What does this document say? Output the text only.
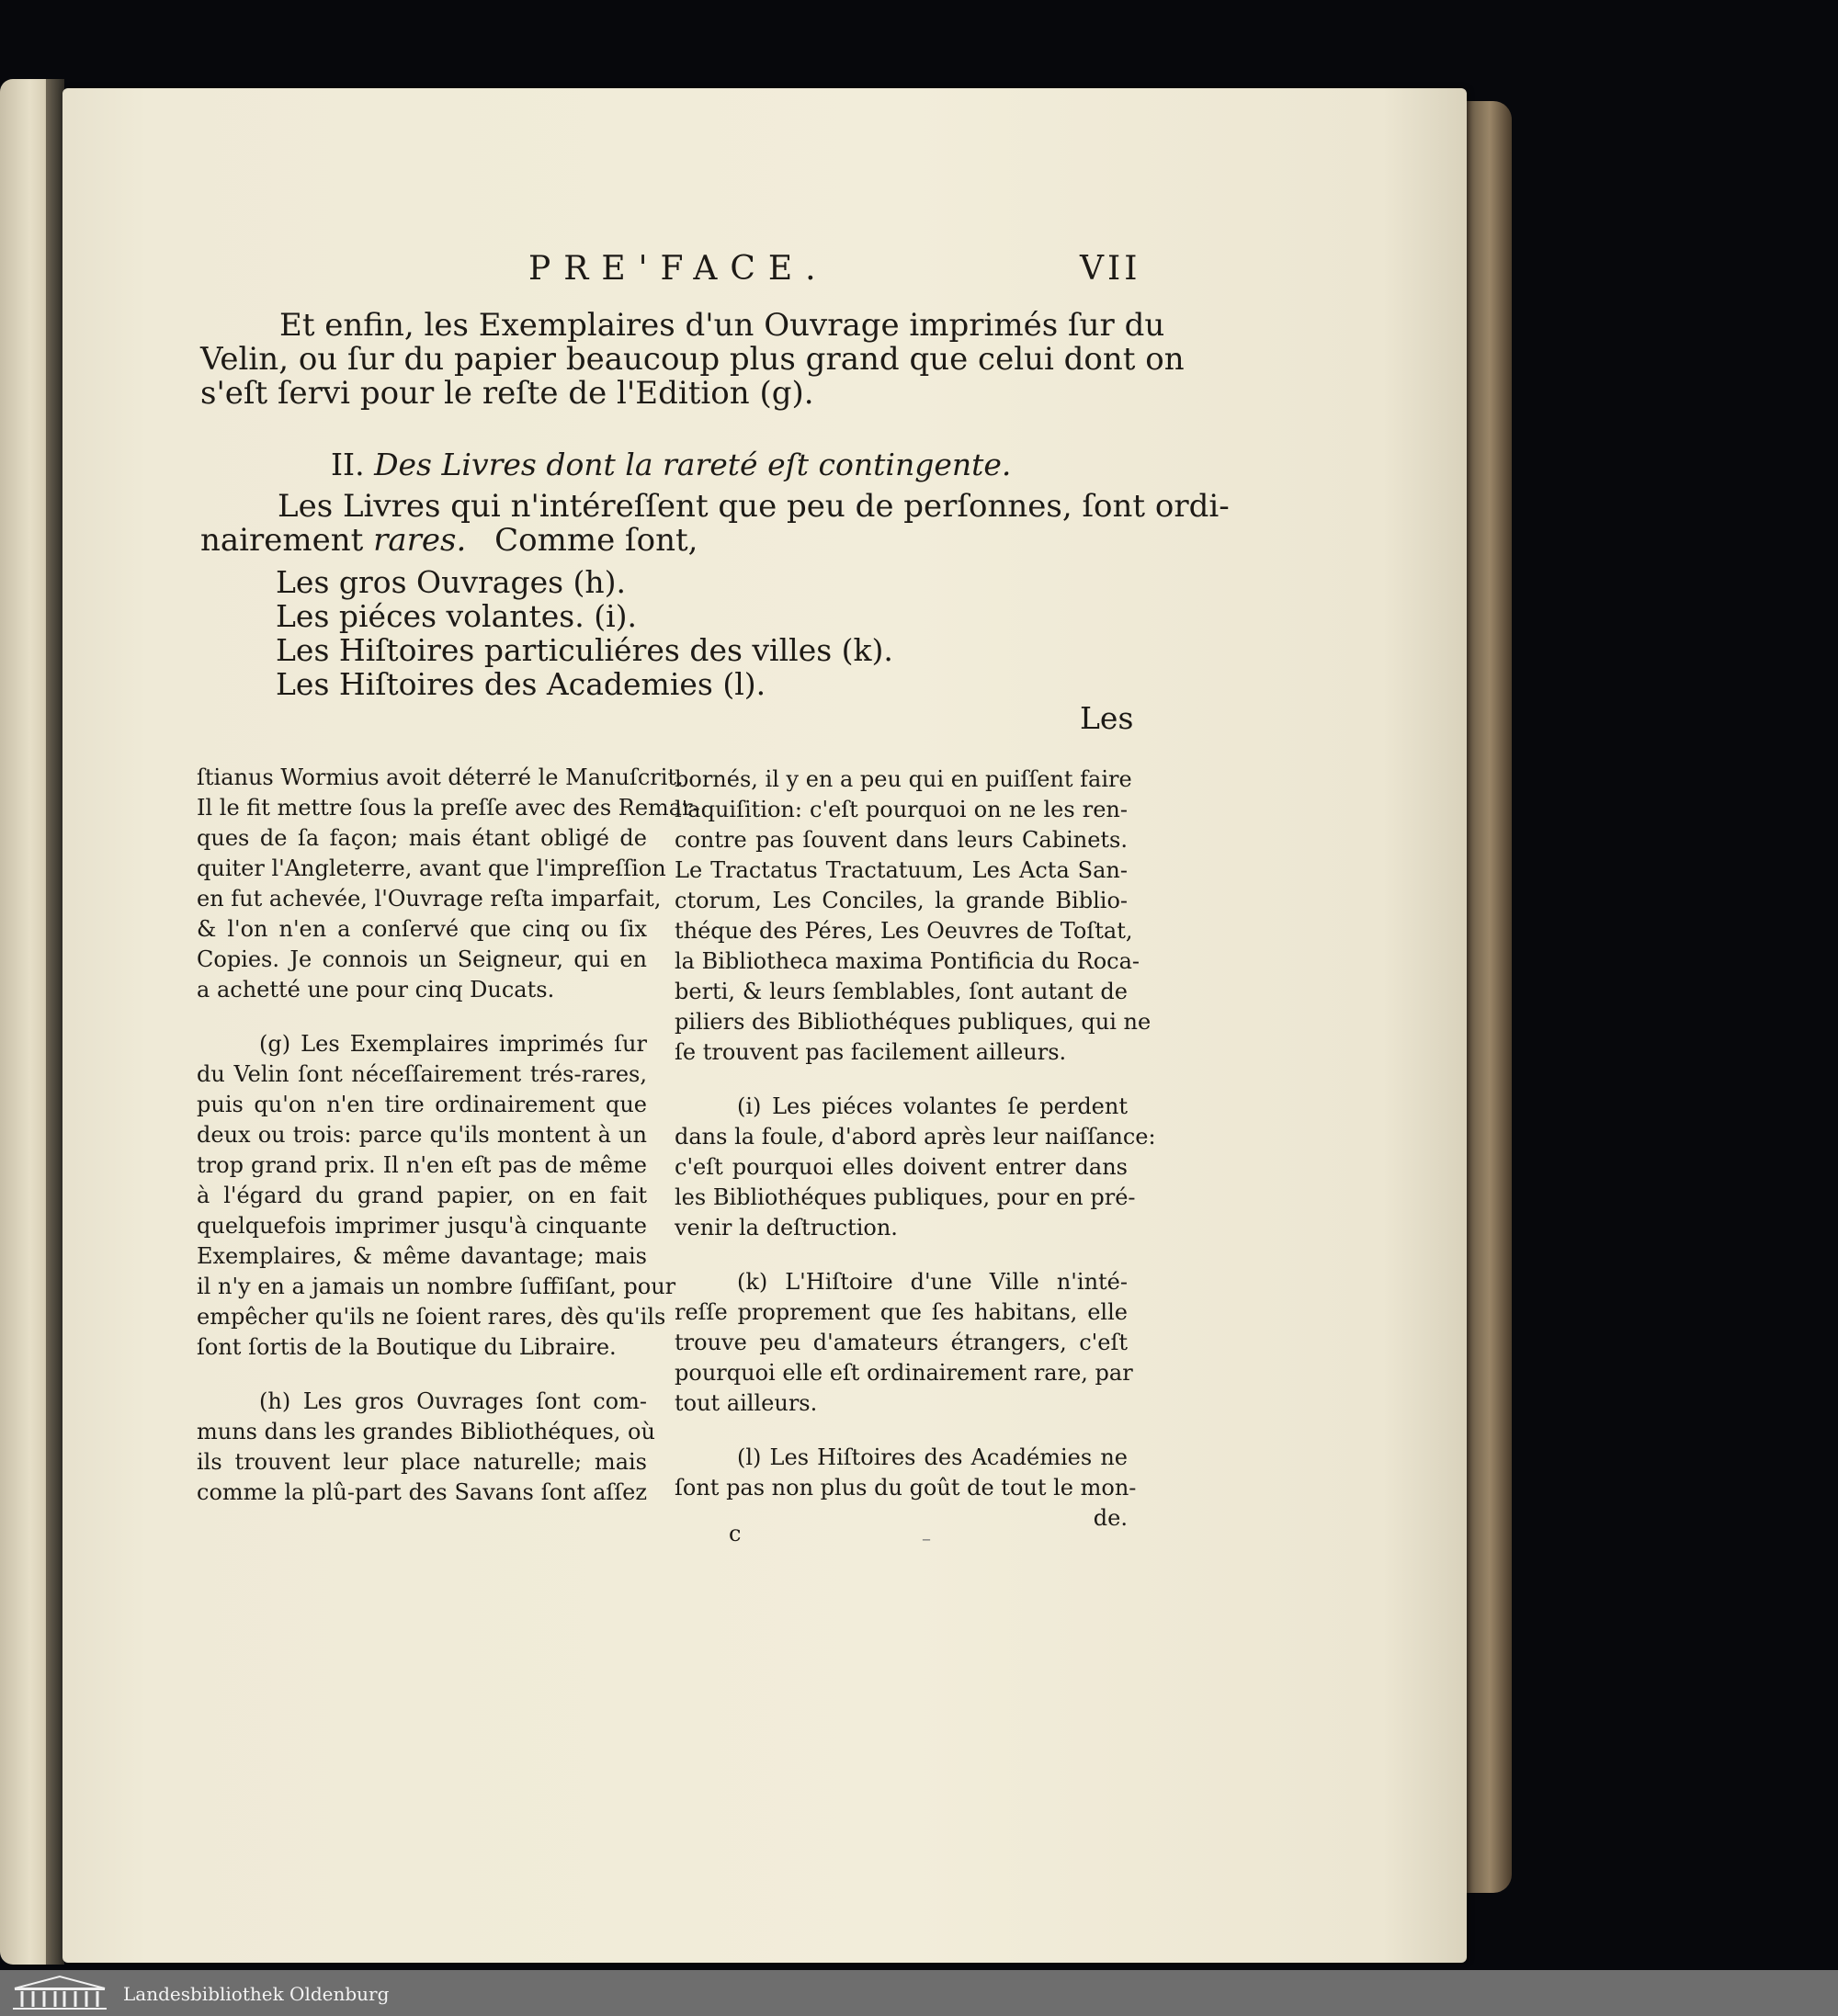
PRE'FACE.	VII
Et enfin, les Exemplaires d'un Ouvrage imprimés ſur du
Velin, ou ſur du papier beaucoup plus grand que celui dont on
s'eſt ſervi pour le reſte de l'Edition (g).
II. Des Livres dont la rareté eſt contingente.
Les Livres qui n'intéreſſent que peu de perſonnes, ſont ordi-
nairement rares. Comme ſont,
Les gros Ouvrages (h).
Les piéces volantes. (i).
Les Hiſtoires particuliéres des villes (k).
Les Hiſtoires des Academies (l).
Les

ſtianus Wormius avoit déterré le Manuſcrit.
Il le fit mettre ſous la preſſe avec des Remar-
ques de ſa façon; mais étant obligé de
quiter l'Angleterre, avant que l'impreſſion
en fut achevée, l'Ouvrage reſta imparfait,
& l'on n'en a conſervé que cinq ou ſix
Copies. Je connois un Seigneur, qui en
a achetté une pour cinq Ducats.

(g) Les Exemplaires imprimés ſur
du Velin ſont néceſſairement trés-rares,
puis qu'on n'en tire ordinairement que
deux ou trois: parce qu'ils montent à un
trop grand prix. Il n'en eſt pas de même
à l'égard du grand papier, on en fait
quelquefois imprimer jusqu'à cinquante
Exemplaires, & même davantage; mais
il n'y en a jamais un nombre ſuffiſant, pour
empêcher qu'ils ne ſoient rares, dès qu'ils
ſont ſortis de la Boutique du Libraire.

(h) Les gros Ouvrages ſont com-
muns dans les grandes Bibliothéques, où
ils trouvent leur place naturelle; mais
comme la plû-part des Savans ſont aſſez

bornés, il y en a peu qui en puiſſent faire
l'aquiſition: c'eſt pourquoi on ne les ren-
contre pas ſouvent dans leurs Cabinets.
Le Tractatus Tractatuum, Les Acta San-
ctorum, Les Conciles, la grande Biblio-
théque des Péres, Les Oeuvres de Toſtat,
la Bibliotheca maxima Pontificia du Roca-
berti, & leurs ſemblables, ſont autant de
piliers des Bibliothéques publiques, qui ne
ſe trouvent pas facilement ailleurs.

(i) Les piéces volantes ſe perdent
dans la foule, d'abord après leur naiſſance:
c'eſt pourquoi elles doivent entrer dans
les Bibliothéques publiques, pour en pré-
venir la deſtruction.

(k) L'Hiſtoire d'une Ville n'inté-
reſſe proprement que ſes habitans, elle
trouve peu d'amateurs étrangers, c'eſt
pourquoi elle eſt ordinairement rare, par
tout ailleurs.

(l) Les Hiſtoires des Académies ne
ſont pas non plus du goût de tout le mon-
de.

c	–
Landesbibliothek Oldenburg
